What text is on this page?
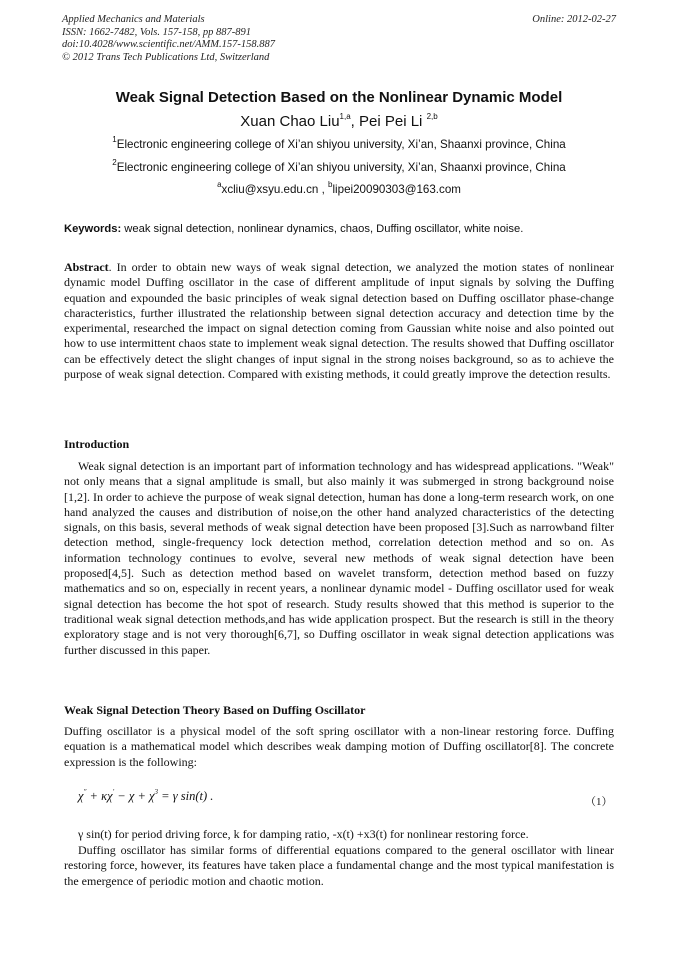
Applied Mechanics and Materials
ISSN: 1662-7482, Vols. 157-158, pp 887-891
doi:10.4028/www.scientific.net/AMM.157-158.887
© 2012 Trans Tech Publications Ltd, Switzerland
Online: 2012-02-27
Weak Signal Detection Based on the Nonlinear Dynamic Model
Xuan Chao Liu$^{1,a}$, Pei Pei Li $^{2,b}$
$^1$Electronic engineering college of Xi’an shiyou university, Xi’an, Shaanxi province, China
$^2$Electronic engineering college of Xi’an shiyou university, Xi’an, Shaanxi province, China
$^a$xcliu@xsyu.edu.cn , $^b$lipei20090303@163.com
Keywords: weak signal detection, nonlinear dynamics, chaos, Duffing oscillator, white noise.
Abstract. In order to obtain new ways of weak signal detection, we analyzed the motion states of nonlinear dynamic model Duffing oscillator in the case of different amplitude of input signals by solving the Duffing equation and expounded the basic principles of weak signal detection based on Duffing oscillator phase-change characteristics, further illustrated the relationship between signal detection accuracy and detection time by the experimental, researched the impact on signal detection coming from Gaussian white noise and also pointed out how to use intermittent chaos state to implement weak signal detection. The results showed that Duffing oscillator can be effectively detect the slight changes of input signal in the strong noises background, so as to achieve the purpose of weak signal detection. Compared with existing methods, it could greatly improve the detection results.
Introduction
Weak signal detection is an important part of information technology and has widespread applications. "Weak" not only means that a signal amplitude is small, but also mainly it was submerged in strong background noise [1,2]. In order to achieve the purpose of weak signal detection, human has done a long-term research work, on one hand analyzed the causes and distribution of noise,on the other hand analyzed characteristics of the detecting signals, on this basis, several methods of weak signal detection have been proposed [3].Such as narrowband filter detection method, single-frequency lock detection method, correlation detection method and so on. As information technology continues to evolve, several new methods of weak signal detection have been proposed[4,5]. Such as detection method based on wavelet transform, detection method based on fuzzy mathematics and so on, especially in recent years, a nonlinear dynamic model - Duffing oscillator used for weak signal detection has become the hot spot of research. Study results showed that this method is superior to the traditional weak signal detection methods,and has wide application prospect. But the research is still in the theory exploratory stage and is not very thorough[6,7], so Duffing oscillator in weak signal detection applications was further discussed in this paper.
Weak Signal Detection Theory Based on Duffing Oscillator
Duffing oscillator is a physical model of the soft spring oscillator with a non-linear restoring force. Duffing equation is a mathematical model which describes weak damping motion of Duffing oscillator[8]. The concrete expression is the following:
$\chi'' + \kappa\chi' - \chi + \chi^3 = \gamma$ sin(t) .	（1）
γ sin(t) for period driving force, k for damping ratio, -x(t) +x3(t) for nonlinear restoring force.
Duffing oscillator has similar forms of differential equations compared to the general oscillator with linear restoring force, however, its features have taken place a fundamental change and the most typical manifestation is the emergence of periodic motion and chaotic motion.
